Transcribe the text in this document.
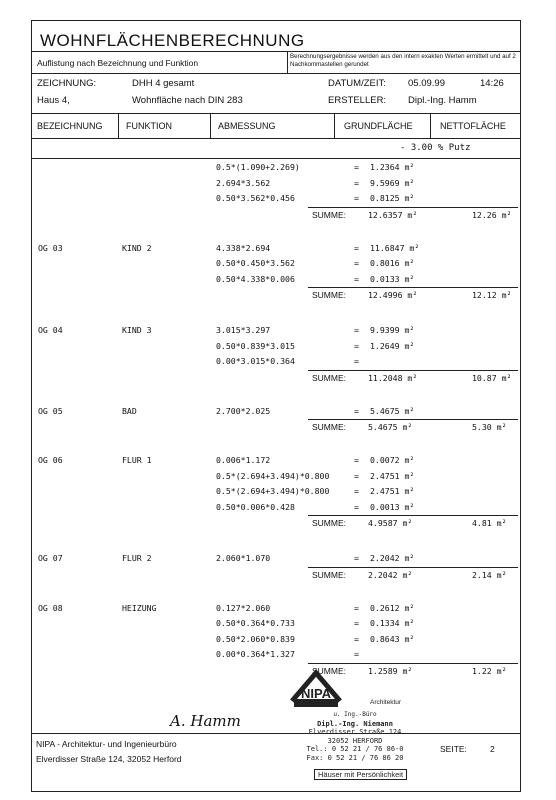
WOHNFLÄCHENBERECHNUNG
Auflistung nach Bezeichnung und Funktion
Berechnungsergebnisse werden aus den intern exakten Werten ermittelt und auf 2 Nachkommastellen gerundet
ZEICHNUNG:	DHH 4 gesamt
Haus 4,	Wohnfläche nach DIN 283
DATUM/ZEIT: 05.09.99	14:26
ERSTELLER: Dipl.-Ing. Hamm
BEZEICHNUNG	FUNKTION	ABMESSUNG	GRUNDFLÄCHE	NETTOFLÄCHE
- 3.00 % Putz
0.5*(1.090+2.269)	= 1.2364 m²
2.694*3.562	= 9.5969 m²
0.50*3.562*0.456	= 0.8125 m²
SUMME:	12.6357 m²	12.26 m²
OG 03	KIND 2	4.338*2.694	= 11.6847 m²
0.50*0.450*3.562	= 0.8016 m²
0.50*4.338*0.006	= 0.0133 m²
SUMME:	12.4996 m²	12.12 m²
OG 04	KIND 3	3.015*3.297	= 9.9399 m²
0.50*0.839*3.015	= 1.2649 m²
0.00*3.015*0.364	=
SUMME:	11.2048 m²	10.87 m²
OG 05	BAD	2.700*2.025	= 5.4675 m²
SUMME:	5.4675 m²	5.30 m²
OG 06	FLUR 1	0.006*1.172	= 0.0072 m²
0.5*(2.694+3.494)*0.800	= 2.4751 m²
0.5*(2.694+3.494)*0.800	= 2.4751 m²
0.50*0.006*0.428	= 0.0013 m²
SUMME:	4.9587 m²	4.81 m²
OG 07	FLUR 2	2.060*1.070	= 2.2042 m²
SUMME:	2.2042 m²	2.14 m²
OG 08	HEIZUNG	0.127*2.060	= 0.2612 m²
0.50*0.364*0.733	= 0.1334 m²
0.50*2.060*0.839	= 0.8643 m²
0.00*0.364*1.327	=
SUMME:	1.2589 m²	1.22 m²
NIPA - Architektur- und Ingenieurbüro
Elverdisser Straße 124, 32052 Herford
SEITE:	2
A. Hamm
NIPA
Architektur
u. Ing.-Büro
Dipl.-Ing. Niemann
Elverdisser Straße 124
32052 HERFORD
Tel.: 0 52 21 / 76 86-0
Fax: 0 52 21 / 76 86 20
Häuser mit Persönlichkeit
